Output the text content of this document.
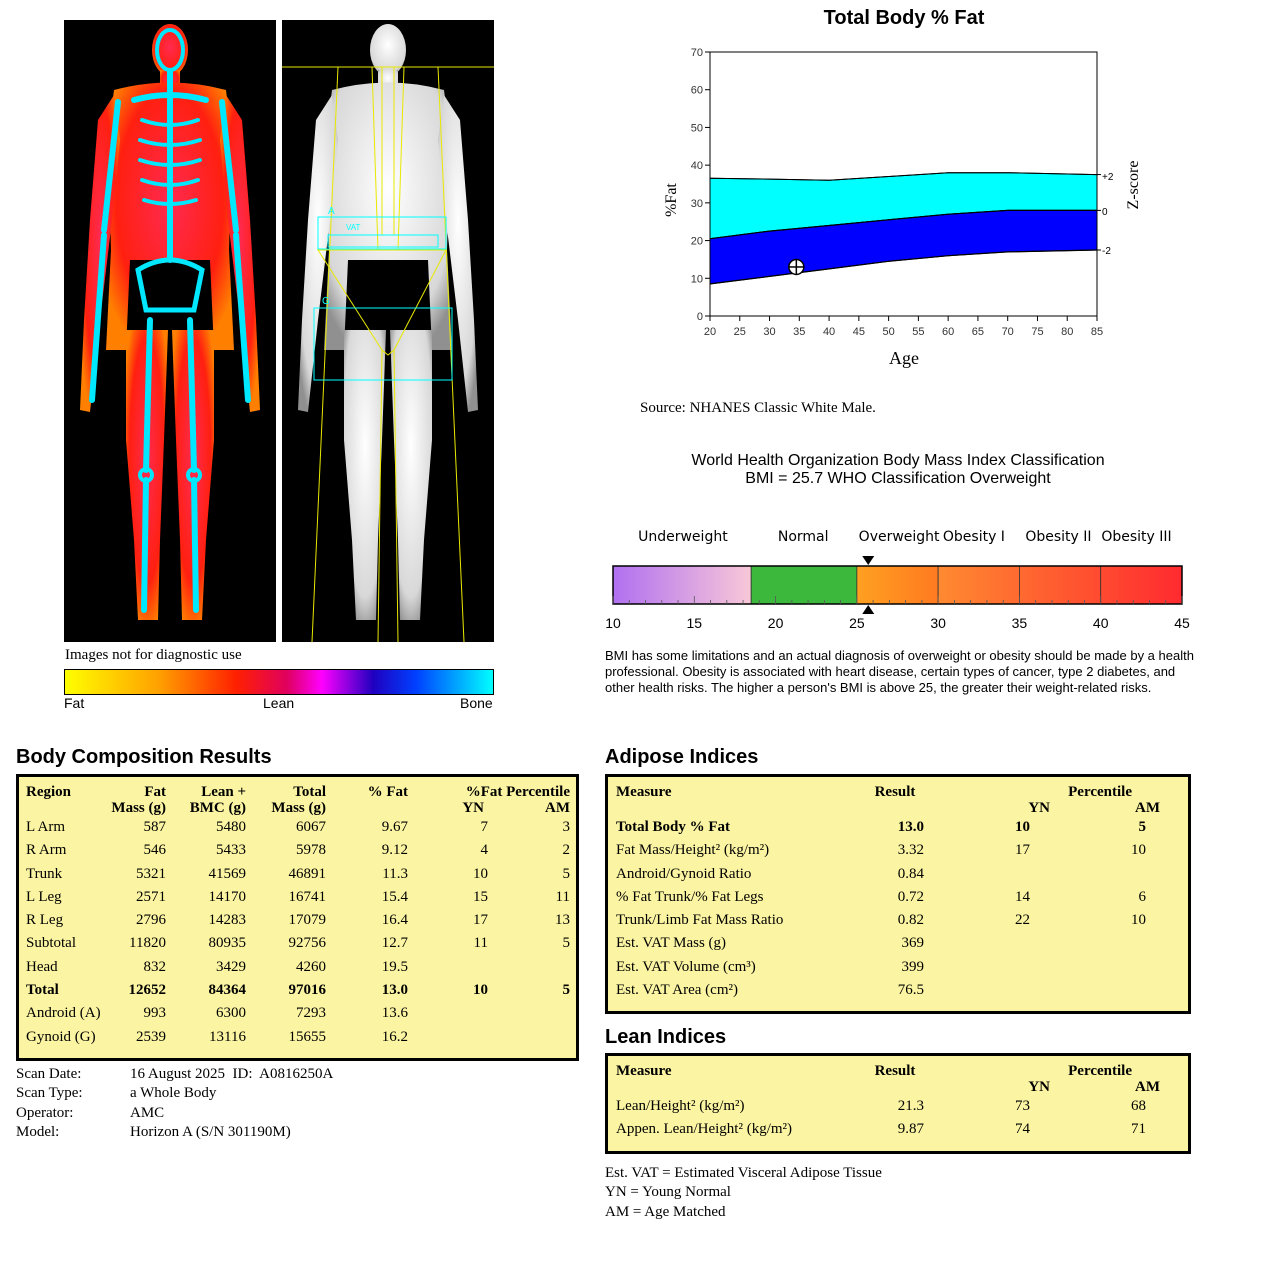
A
G
VAT
Images not for diagnostic use
Fat	Lean	Bone
Total Body % Fat
0
10
20
30
40
50
60
70
20 25 30 35 40 45 50 55 60 65 70 75 80 85
%Fat
Age
Z-score
+2
0
-2
Source: NHANES Classic White Male.
World Health Organization Body Mass Index Classification
BMI = 25.7 WHO Classification Overweight
Underweight	Normal Overweight Obesity I Obesity II Obesity III
10	15	20	25	30	35	40	45
BMI has some limitations and an actual diagnosis of overweight or obesity should be made by a health professional. Obesity is associated with heart disease, certain types of cancer, type 2 diabetes, and other health risks. The higher a person's BMI is above 25, the greater their weight-related risks.
Body Composition Results
Region	Fat	Lean +	Total	% Fat	%Fat Percentile	
	Mass (g)	BMC (g)	Mass (g)		YN	AM
L Arm	587	5480	6067	9.67	7	3
R Arm	546	5433	5978	9.12	4	2
Trunk	5321	41569	46891	11.3	10	5
L Leg	2571	14170	16741	15.4	15	11
R Leg	2796	14283	17079	16.4	17	13
Subtotal	11820	80935	92756	12.7	11	5
Head	832	3429	4260	19.5		
Total	12652	84364	97016	13.0	10	5
Android (A)	993	6300	7293	13.6		
Gynoid (G)	2539	13116	15655	16.2		
Scan Date:	16 August 2025  ID:  A0816250A
Scan Type:	a Whole Body
Operator:	AMC
Model:	Horizon A (S/N 301190M)
Adipose Indices
Measure	Result	Percentile	
		YN	AM
Total Body % Fat	13.0	10	5
Fat Mass/Height² (kg/m²)	3.32	17	10
Android/Gynoid Ratio	0.84		
% Fat Trunk/% Fat Legs	0.72	14	6
Trunk/Limb Fat Mass Ratio	0.82	22	10
Est. VAT Mass (g)	369		
Est. VAT Volume (cm³)	399		
Est. VAT Area (cm²)	76.5		
Lean Indices
Measure	Result	Percentile	
		YN	AM
Lean/Height² (kg/m²)	21.3	73	68
Appen. Lean/Height² (kg/m²)	9.87	74	71
Est. VAT = Estimated Visceral Adipose Tissue
YN = Young Normal
AM = Age Matched
